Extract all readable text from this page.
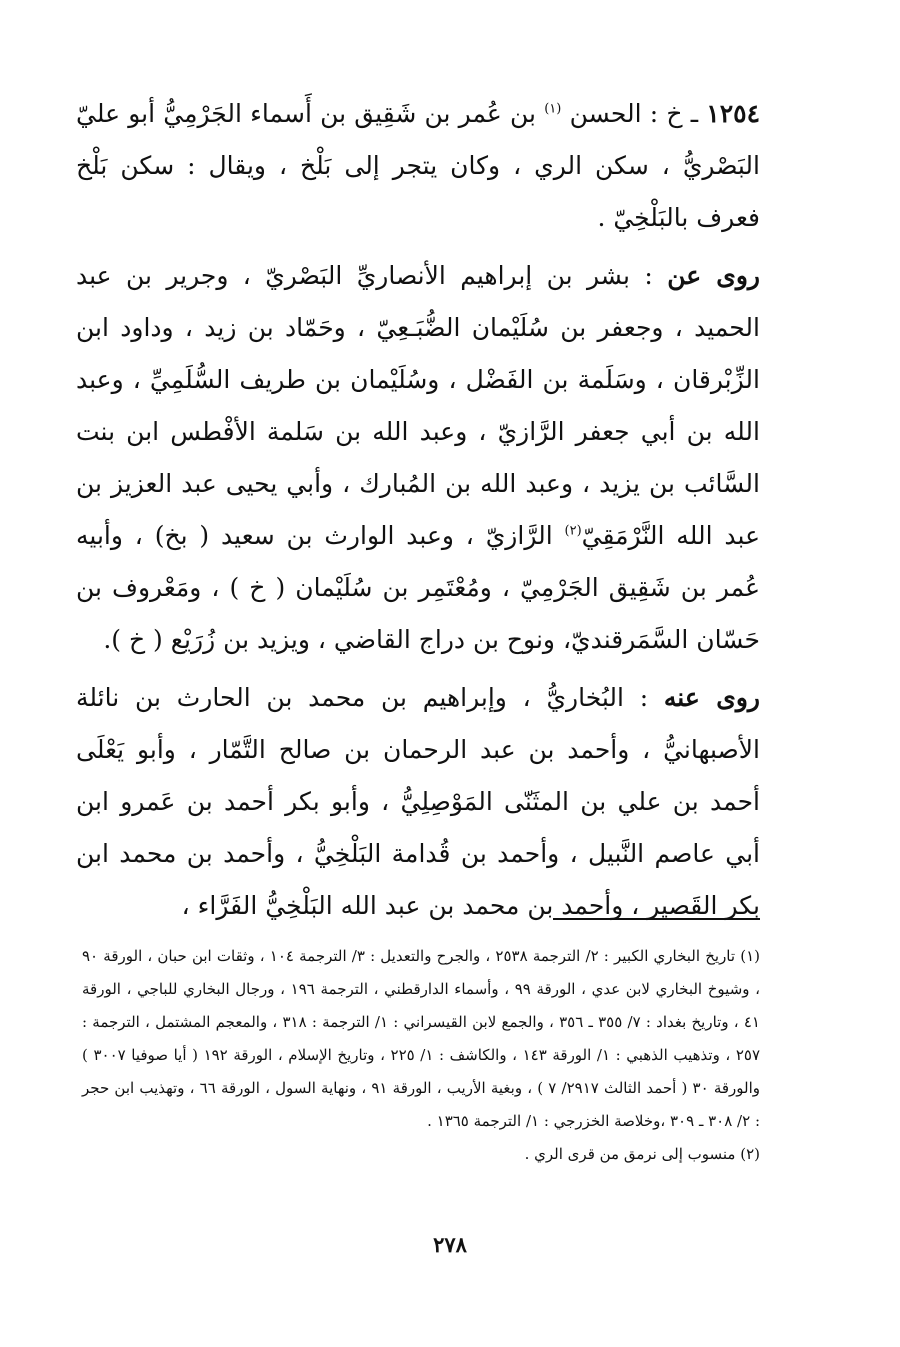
١٢٥٤ ـ خ : الحسن $^{(١)}$ بن عُمر بن شَقِيق بن أَسماء الجَرْمِيُّ أبو عليّ البَصْريُّ ، سكن الري ، وكان يتجر إلى بَلْخ ، ويقال : سكن بَلْخ فعرف بالبَلْخِيّ .

روى عن : بشر بن إبراهيم الأنصاريِّ البَصْريّ ، وجرير بن عبد الحميد ، وجعفر بن سُلَيْمان الضُّبَـعِيّ ، وحَمّاد بن زيد ، وداود ابن الزِّبْرقان ، وسَلَمة بن الفَضْل ، وسُلَيْمان بن طريف السُّلَمِيِّ ، وعبد الله بن أبي جعفر الرَّازيّ ، وعبد الله بن سَلمة الأفْطس ابن بنت السَّائب بن يزيد ، وعبد الله بن المُبارك ، وأبي يحيى عبد العزيز بن عبد الله النَّرْمَقِيّ$^{(٢)}$ الرَّازيّ ، وعبد الوارث بن سعيد ( بخ) ، وأبيه عُمر بن شَقِيق الجَرْمِيّ ، ومُعْتَمِر بن سُلَيْمان ( خ ) ، ومَعْروف بن حَسّان السَّمَرقنديّ، ونوح بن دراج القاضي ، ويزيد بن زُرَيْع ( خ ).

روى عنه : البُخاريُّ ، وإبراهيم بن محمد بن الحارث بن نائلة الأصبهانيُّ ، وأحمد بن عبد الرحمان بن صالح التَّمّار ، وأبو يَعْلَى أحمد بن علي بن المثَنّى المَوْصِلِيُّ ، وأبو بكر أحمد بن عَمرو ابن أبي عاصم النَّبيل ، وأحمد بن قُدامة البَلْخِيُّ ، وأحمد بن محمد ابن بكر القَصير ، وأحمد بن محمد بن عبد الله البَلْخِيُّ الفَرَّاء ،

(١) تاريخ البخاري الكبير : ٢/ الترجمة ٢٥٣٨ ، والجرح والتعديل : ٣/ الترجمة ١٠٤ ، وثقات ابن حبان ، الورقة ٩٠ ، وشيوخ البخاري لابن عدي ، الورقة ٩٩ ، وأسماء الدارقطني ، الترجمة ١٩٦ ، ورجال البخاري للباجي ، الورقة ٤١ ، وتاريخ بغداد : ٧/ ٣٥٥ ـ ٣٥٦ ، والجمع لابن القيسراني : ١/ الترجمة : ٣١٨ ، والمعجم المشتمل ، الترجمة : ٢٥٧ ، وتذهيب الذهبي : ١/ الورقة ١٤٣ ، والكاشف : ١/ ٢٢٥ ، وتاريخ الإسلام ، الورقة ١٩٢ ( أيا صوفيا ٣٠٠٧ ) والورقة ٣٠ ( أحمد الثالث ٢٩١٧/ ٧ ) ، وبغية الأريب ، الورقة ٩١ ، ونهاية السول ، الورقة ٦٦ ، وتهذيب ابن حجر : ٢/ ٣٠٨ ـ ٣٠٩ ،وخلاصة الخزرجي : ١/ الترجمة ١٣٦٥ .

(٢) منسوب إلى نرمق من قرى الري .

٢٧٨
